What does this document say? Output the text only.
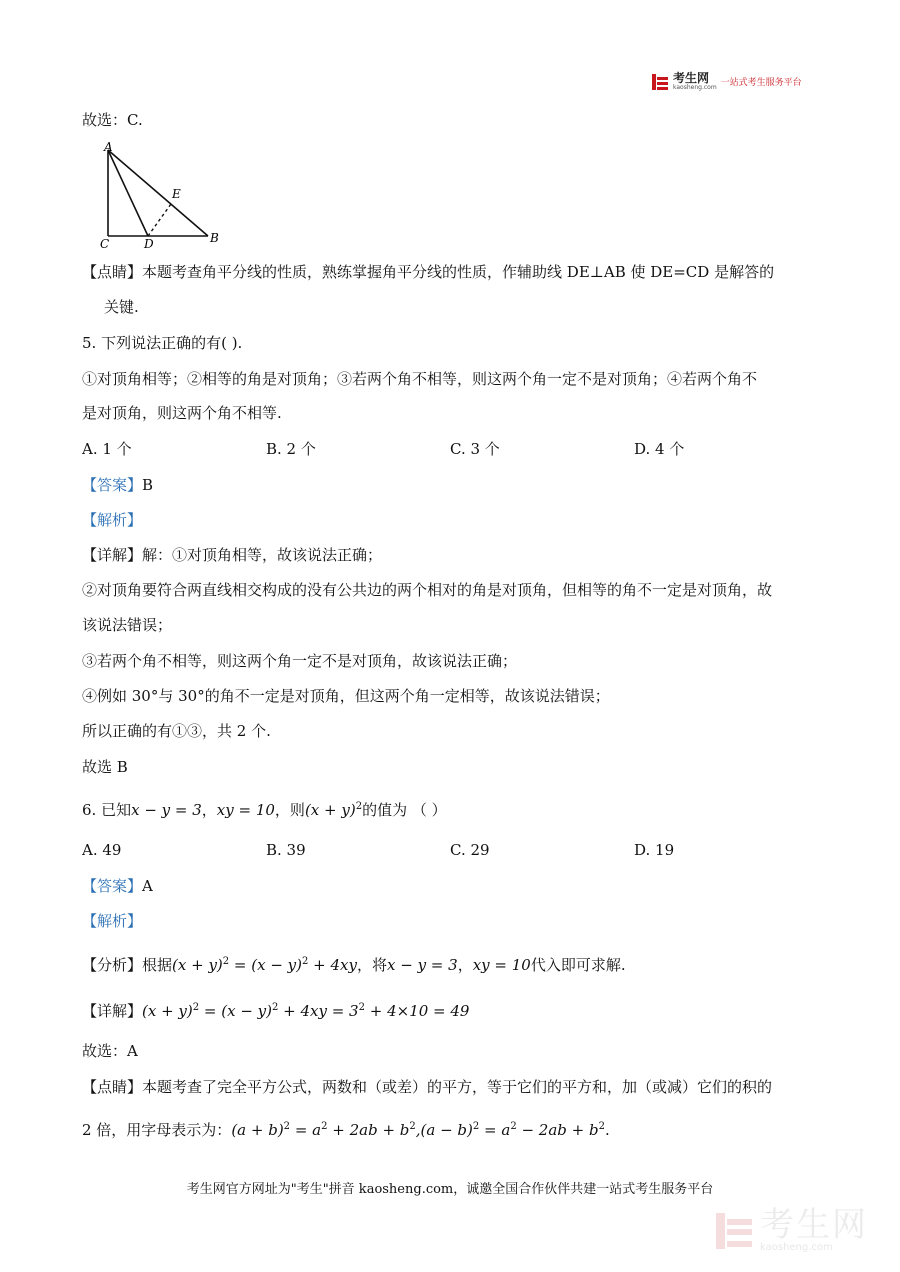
考生网
kaosheng.com 一站式考生服务平台
故选：C.
A
E
C	D	B
【点睛】本题考查角平分线的性质，熟练掌握角平分线的性质，作辅助线 DE⊥AB 使 DE=CD 是解答的
关键.
5. 下列说法正确的有( ).
①对顶角相等；②相等的角是对顶角；③若两个角不相等，则这两个角一定不是对顶角；④若两个角不
是对顶角，则这两个角不相等.
A. 1 个	B. 2 个	C. 3 个	D. 4 个
【答案】B
【解析】
【详解】解：①对顶角相等，故该说法正确；
②对顶角要符合两直线相交构成的没有公共边的两个相对的角是对顶角，但相等的角不一定是对顶角，故
该说法错误；
③若两个角不相等，则这两个角一定不是对顶角，故该说法正确；
④例如 30°与 30°的角不一定是对顶角，但这两个角一定相等，故该说法错误；
所以正确的有①③，共 2 个.
故选 B
6. 已知x − y = 3，xy = 10，则$(x + y)^2$的值为 （ ）
A. 49	B. 39	C. 29	D. 19
【答案】A
【解析】
【分析】根据$(x + y)^2 = (x - y)^2 + 4xy$，将x − y = 3，xy = 10代入即可求解.
【详解】$(x + y)^2 = (x - y)^2 + 4xy = 3^2 + 4\times 10 = 49$
故选：A
【点睛】本题考查了完全平方公式，两数和（或差）的平方，等于它们的平方和，加（或减）它们的积的
2 倍，用字母表示为：$(a + b)^2 = a^2 + 2ab + b^2,(a - b)^2 = a^2 - 2ab + b^2$.
考生网官方网址为"考生"拼音 kaosheng.com，诚邀全国合作伙伴共建一站式考生服务平台
考生网
kaosheng.com
